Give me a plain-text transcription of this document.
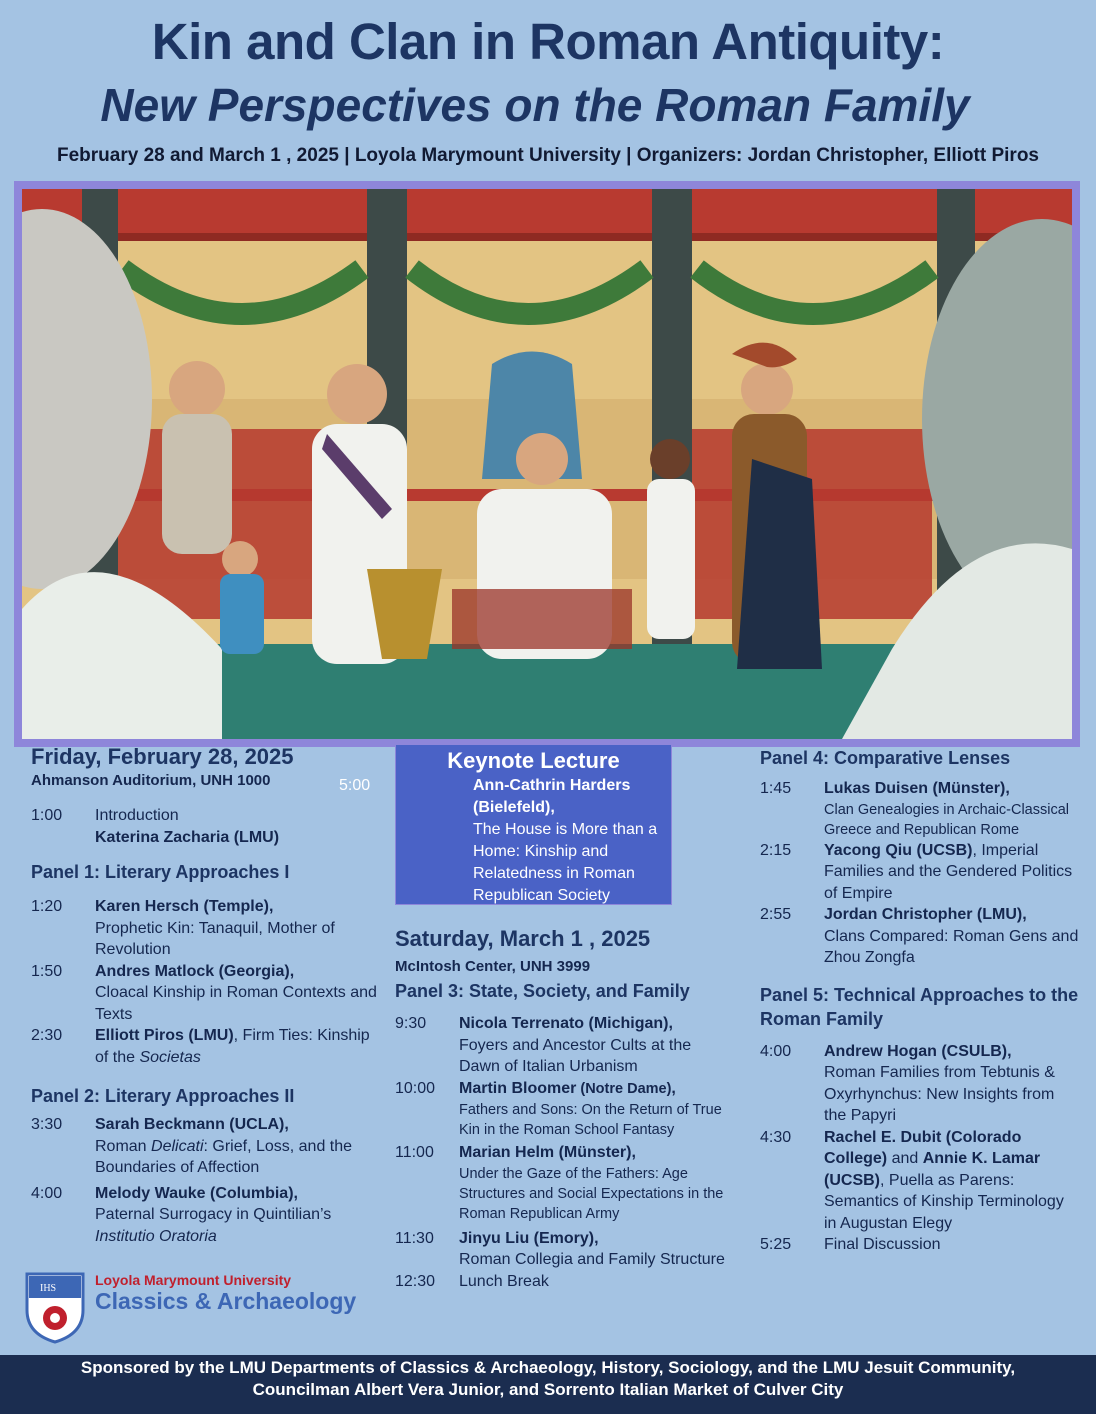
Kin and Clan in Roman Antiquity:
New Perspectives on the Roman Family
February 28 and March 1 , 2025 | Loyola Marymount University | Organizers: Jordan Christopher, Elliott Piros
Friday, February 28, 2025
Ahmanson Auditorium, UNH 1000
1:00 Introduction
Katerina Zacharia (LMU)
Panel 1: Literary Approaches I
1:20 Karen Hersch (Temple),
Prophetic Kin: Tanaquil, Mother of Revolution
1:50 Andres Matlock (Georgia),
Cloacal Kinship in Roman Contexts and Texts
2:30 Elliott Piros (LMU), Firm Ties: Kinship of the Societas
Panel 2: Literary Approaches II
3:30 Sarah Beckmann (UCLA),
Roman Delicati: Grief, Loss, and the Boundaries of Affection
4:00 Melody Wauke (Columbia),
Paternal Surrogacy in Quintilian’s Institutio Oratoria
Keynote Lecture
5:00	Ann-Cathrin Harders (Bielefeld),
The House is More than a Home: Kinship and Relatedness in Roman Republican Society
Saturday, March 1 , 2025
McIntosh Center, UNH 3999
Panel 3: State, Society, and Family
9:30 Nicola Terrenato (Michigan),
Foyers and Ancestor Cults at the Dawn of Italian Urbanism
10:00 Martin Bloomer (Notre Dame),
Fathers and Sons: On the Return of True Kin in the Roman School Fantasy
11:00 Marian Helm (Münster),
Under the Gaze of the Fathers: Age Structures and Social Expectations in the Roman Republican Army
11:30 Jinyu Liu (Emory),
Roman Collegia and Family Structure
12:30 Lunch Break
Panel 4: Comparative Lenses
1:45 Lukas Duisen (Münster),
Clan Genealogies in Archaic-Classical Greece and Republican Rome
2:15 Yacong Qiu (UCSB), Imperial Families and the Gendered Politics of Empire
2:55 Jordan Christopher (LMU),
Clans Compared: Roman Gens and Zhou Zongfa
Panel 5: Technical Approaches to the Roman Family
4:00 Andrew Hogan (CSULB),
Roman Families from Tebtunis & Oxyrhynchus: New Insights from the Papyri
4:30 Rachel E. Dubit (Colorado College) and Annie K. Lamar (UCSB), Puella as Parens: Semantics of Kinship Terminology in Augustan Elegy
5:25 Final Discussion
IHS
Loyola Marymount University
Classics & Archaeology
Sponsored by the LMU Departments of Classics & Archaeology, History, Sociology, and the LMU Jesuit Community,
Councilman Albert Vera Junior, and Sorrento Italian Market of Culver City
